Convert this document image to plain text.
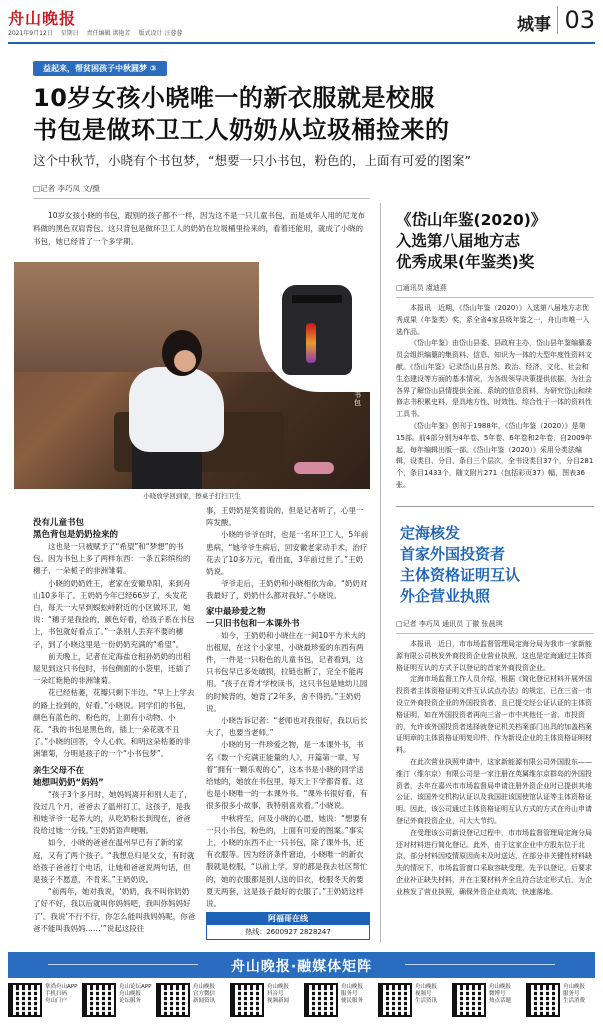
舟山晚报
2021年9月12日 星期日 责任编辑 洪艳芳 版式设计 汪蓉蓉	城事 03
益起来，帮贫困孩子中秋圆梦 ③
10岁女孩小晓唯一的新衣服就是校服
书包是做环卫工人奶奶从垃圾桶捡来的
这个中秋节，小晓有个书包梦，“想要一只小书包，粉色的，上面有可爱的图案”
□记者 李巧凤 文/摄
10岁女孩小晓的书包，跟别的孩子都不一样，因为这不是一只儿童书包，而是成年人用的尼龙布料做的黑色双肩背包。这只背包是做环卫工人的奶奶在垃圾桶里捡来的，看着还能用，就成了小晓的书包，她已经背了一个多学期。
小晓的书包
小晓放学回到家，擦桌子打扫卫生

没有儿童书包

黑色背包是奶奶捡来的

这也是一只被赋予了“希望”和“梦想”的书包。因为书包上多了两样东西：一条五彩缤纷的穗子、一朵栀子的非洲雏菊。

小晓的奶奶姓王，老家在安徽阜阳，来到舟山10多年了。王奶奶今年已经66岁了，头发花白，每天一大早到蜈蚣峙附近的小区做环卫，她说：“穗子是我捡的，颜色好看，给孩子系在书包上，书包就好看点了。”一条别人丢弃不要的穗子，到了小晓这里是一份奶奶充满的“希望”。

前天晚上，记者在定海盐仓租孙奶奶的出租屋见到这只书包时，书包侧面的小袋里，还插了一朵红艳艳的非洲雏菊。

花已经枯萎，花瓣只剩下半边。“早上上学去的路上捡到的，好看。”小晓说。同学们的书包，颜色有蓝色的、粉色的，上面有小动物、小花。“我的书包是黑色的，插上一朵花就不丑了。”小晓的回答，令人心软。和明这朵枯萎的非洲雏菊，分明是孩子的一个“小书包梦”。

亲生父母不在

她想叫奶奶“妈妈”

“孩子3个多月时，她妈妈离开和别人走了，没过几个月，爸爸去了温州打工，这孩子，是我和她爷爷一起养大的，从吃奶粉长到现在，爸爸没给过她一分钱。”王奶奶语声哽咽。

如今，小晓的爸爸在温州早已有了新的家庭，又有了两个孩子。“我想总归是父女，有时就给孩子爸爸打个电话，让她和爸爸说两句话，但是孩子不愿意，不肯来。”王奶奶说。

“前两年，她对我说，‘奶奶，我不叫你奶奶了好不好，我以后就叫你妈妈吧，我叫你妈妈好了’。我说‘不行不行，你怎么能叫我妈妈呢，你爸爸不能叫我妈妈……’”说起这段往

事，王奶奶是笑着说的，但是记者听了，心里一阵发酸。

小晓的爷爷在时，也是一名环卫工人，5年前患病，“她爷爷生病后，回安徽老家动手术，治疗花去了10多万元，看出血，3年前过世了。”王奶奶说。

爷爷走后，王奶奶和小晓相依为命。“奶奶对我最好了，奶奶什么都对我好。”小晓说。

家中最珍爱之物

一只旧书包和一本课外书

如今，王奶奶和小晓住在一间10平方米大的出租屋，在这个小家里，小晓最珍爱的东西有两件，一件是一只粉色的儿童书包，记者看到，这只书包早已多处破损，拉链也断了，完全不能再用。“孩子在背才学校读书，这只书包是她幼儿园的时候背的，她背了2年多，舍不得扔。”王奶奶说。

小晓告诉记者：“老师也对我很好，我以后长大了，也要当老师。”

小晓的另一件珍爱之物，是一本课外书，书名《数一个充满正能量的人》，开篇第一章，写着“拥有一颗乐观的心”，这本书是小晓的同学送给她的，她放在书包里，每天上下学都背着。这也是小晓唯一的一本课外书。“课外书很好看，有很多很多小故事，我特别喜欢看。”小晓说。

中秋将至，问及小晓的心愿，她说：“想要有一只小书包，粉色的，上面有可爱的图案。”事实上，小晓的东西不止一只书包，除了课外书，还有衣服等。因为经济条件窘迫，小晓唯一的新衣服就是校服，“以前上学，穿的都是我去社区帮忙的，她的衣服都是别人送的旧衣，校服冬天的要夏天两套，这是孩子最好的衣服了。”王奶奶这样说。

阿福哥在线
热线：2600927 2828247
《岱山年鉴(2020)》
入选第八届地方志
优秀成果(年鉴类)奖
□通讯员 虞迪燕

本报讯　近期，《岱山年鉴（2020）》入选第八届地方志优秀成果（年鉴类）奖，系全省4家县级年鉴之一，舟山市唯一入选作品。

《岱山年鉴》由岱山县委、县政府主办，岱山县年鉴编纂委员会组织编纂的集资料、信息、知识为一体的大型年度性资料文献。《岱山年鉴》记录岱山县自然、政治、经济、文化、社会和生态建设等方面的基本情况，为各级领导决策提供依据，为社会各界了解岱山县情提供全面、系统的信息资料，为研究岱山和续修志书积累史料，是具地方性、时效性、综合性于一体的资料性工具书。

《岱山年鉴》创刊于1988年，《岱山年鉴（2020）》是第15部。前4部分别为4年卷、5年卷、6年卷和2年卷，自2009年起，每年编辑出版一部。《岱山年鉴（2020）》采用分类法编辑，设类目、分目、条目三个层次，全书设类目37个，分目281个，条目1433个，随文附片271（包括彩页37）幅，图表36张。

定海核发
首家外国投资者
主体资格证明互认
外企营业执照
□记者 李巧凤 通讯员 丁徽 张晨琪

本报讯　近日，市市场监督管理局定海分局为我市一家新能源有限公司核发外商投资企业营业执照，这也是定海通过主体资格证明互认的方式予以登记的首家外商投资企业。

定海市场监督工作人员介绍，根据《简化登记材料开展外国投资者主体资格证明文件互认试点办法》的规定，已在三省一市设立外商投资企业的外国投资者，且已提交经公证认证的主体资格证明，如在外国投资者再向三省一市中其他任一省、市投资的，允许该外国投资者选择就登记机关档案部门出具的加盖档案证明章的主体资格证明复印件，作为新设企业的主体资格证明材料。

在此次营业执照申请中，这家新能源有限公司外国股东——维汀（维尔京）有限公司是一家注册在英属维尔京群岛的外国投资者，去年在嘉兴市市场监督局申请注册外资企业时已提供其地公证、该国外交机构认证以及我国驻该国使馆认证等主体资格证明。因此，该公司通过主体资格证明互认方式的方式在舟山申请登记外商投资企业，可大大节约。

在受理该公司新设登记过程中，市市场监督管理局定海分局还对材料进行简化登记。此外，由于这家企业中方股东位于北京，部分材料因疫情原因尚未及时送达，在部分非关键性材料缺失的情况下，市场监管窗口采取容缺受理，先予以登记，后要求企业补正缺失材料，并在主要材料齐全且符合法定形式后，为企业核发了营业执照，确保外资企业高效、快速落地。

舟山晚报·融媒体矩阵
掌尚舟山APP
手机扫码
舟山门户
舟山论坛APP
舟山晚报
论坛服务
舟山晚报
官方微信
新闻资讯
舟山晚报
抖音号
视频新闻
舟山晚报
服务号
便民服务
舟山晚报
视频号
生活资讯
舟山晚报
微博号
热点话题
舟山晚报
服务号
生活消费
